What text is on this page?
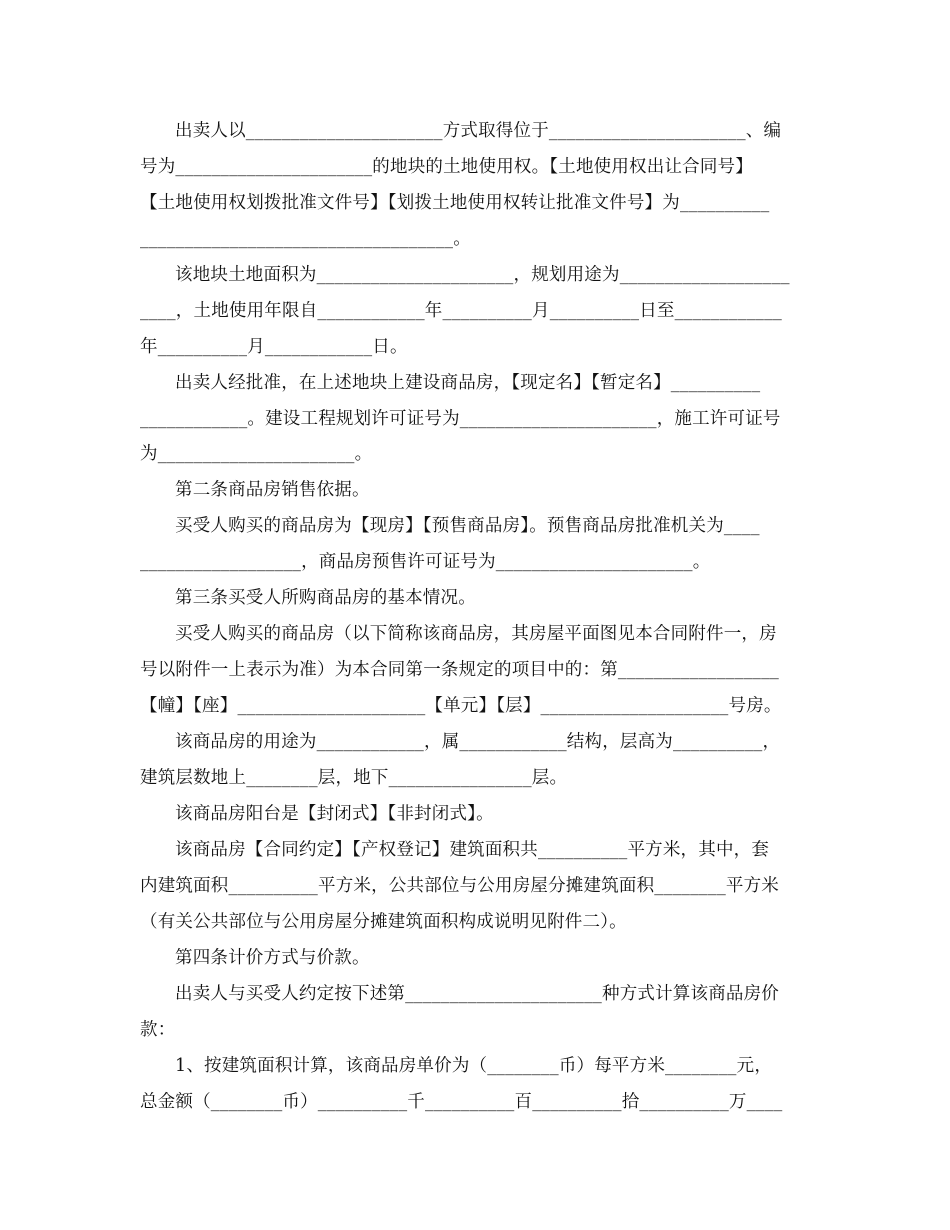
出卖人以______________________方式取得位于______________________、编
号为______________________的地块的土地使用权。【土地使用权出让合同号】
【土地使用权划拨批准文件号】【划拨土地使用权转让批准文件号】为__________
___________________________________。
该地块土地面积为______________________，规划用途为___________________
____，土地使用年限自____________年__________月__________日至____________
年__________月____________日。
出卖人经批准，在上述地块上建设商品房，【现定名】【暂定名】__________
____________。建设工程规划许可证号为______________________，施工许可证号
为______________________。
第二条商品房销售依据。
买受人购买的商品房为【现房】【预售商品房】。预售商品房批准机关为____
__________________，商品房预售许可证号为______________________。
第三条买受人所购商品房的基本情况。
买受人购买的商品房（以下简称该商品房，其房屋平面图见本合同附件一，房
号以附件一上表示为准）为本合同第一条规定的项目中的：第__________________
【幢】【座】_____________________【单元】【层】_____________________号房。
该商品房的用途为____________，属____________结构，层高为__________，
建筑层数地上________层，地下________________层。
该商品房阳台是【封闭式】【非封闭式】。
该商品房【合同约定】【产权登记】建筑面积共__________平方米，其中，套
内建筑面积__________平方米，公共部位与公用房屋分摊建筑面积________平方米
（有关公共部位与公用房屋分摊建筑面积构成说明见附件二）。
第四条计价方式与价款。
出卖人与买受人约定按下述第______________________种方式计算该商品房价
款：
1、按建筑面积计算，该商品房单价为（________币）每平方米________元，
总金额（________币）__________千__________百__________拾__________万____
